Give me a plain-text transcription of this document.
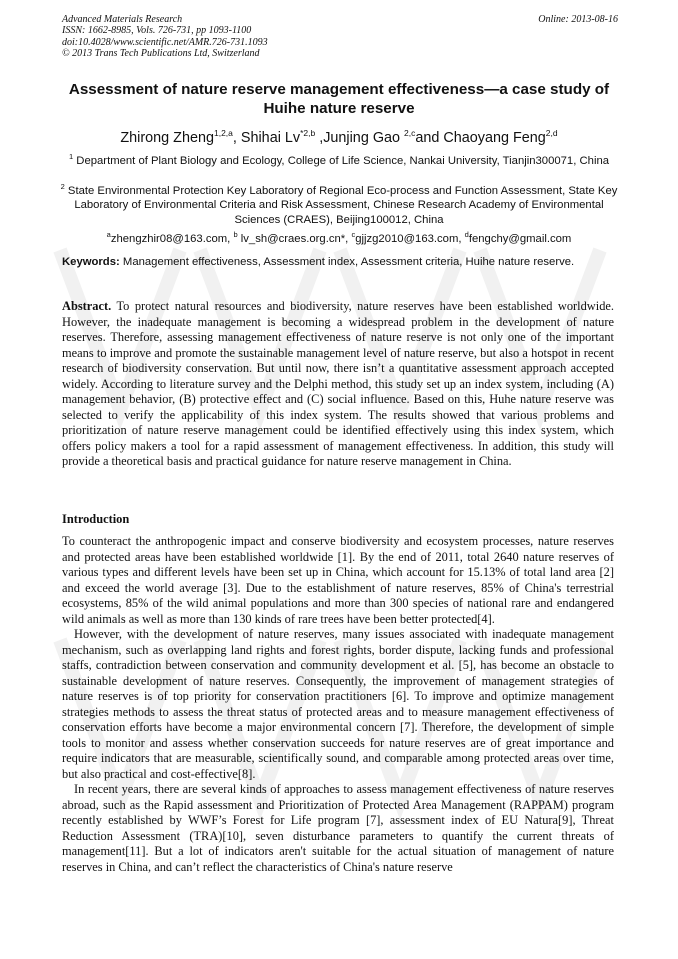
Advanced Materials Research
ISSN: 1662-8985, Vols. 726-731, pp 1093-1100
doi:10.4028/www.scientific.net/AMR.726-731.1093
© 2013 Trans Tech Publications Ltd, Switzerland
Online: 2013-08-16
Assessment of nature reserve management effectiveness—a case study of Huihe nature reserve
Zhirong Zheng$^{1,2,a}$, Shihai Lv$^{*2,b}$ ,Junjing Gao $^{2,c}$and Chaoyang Feng$^{2,d}$
$^1$ Department of Plant Biology and Ecology, College of Life Science, Nankai University, Tianjin300071, China
$^2$ State Environmental Protection Key Laboratory of Regional Eco-process and Function Assessment, State Key Laboratory of Environmental Criteria and Risk Assessment, Chinese Research Academy of Environmental Sciences (CRAES), Beijing100012, China
$^a$zhengzhir08@163.com, $^b$ lv_sh@craes.org.cn*, $^c$gjjzg2010@163.com, $^d$fengchy@gmail.com
Keywords: Management effectiveness, Assessment index, Assessment criteria, Huihe nature reserve.

Abstract. To protect natural resources and biodiversity, nature reserves have been established worldwide. However, the inadequate management is becoming a widespread problem in the development of nature reserves. Therefore, assessing management effectiveness of nature reserve is not only one of the important means to improve and promote the sustainable management level of nature reserve, but also a hotspot in recent research of biodiversity conservation. But until now, there isn’t a quantitative assessment approach accepted widely. According to literature survey and the Delphi method, this study set up an index system, including (A) management behavior, (B) protective effect and (C) social influence. Based on this, Huhe nature reserve was selected to verify the applicability of this index system. The results showed that various problems and prioritization of nature reserve management could be identified effectively using this index system, which offers policy makers a tool for a rapid assessment of management effectiveness. In addition, this study will provide a theoretical basis and practical guidance for nature reserve management in China.

Introduction

To counteract the anthropogenic impact and conserve biodiversity and ecosystem processes, nature reserves and protected areas have been established worldwide [1]. By the end of 2011, total 2640 nature reserves of various types and different levels have been set up in China, which account for 15.13% of total land area [2] and exceed the world average [3]. Due to the establishment of nature reserves, 85% of China's terrestrial ecosystems, 85% of the wild animal populations and more than 300 species of national rare and endangered wild animals as well as more than 130 kinds of rare trees have been better protected[4].

However, with the development of nature reserves, many issues associated with inadequate management mechanism, such as overlapping land rights and forest rights, border dispute, lacking funds and professional staffs, contradiction between conservation and community development et al. [5], has become an obstacle to sustainable development of nature reserves. Consequently, the improvement of management strategies of nature reserves is of top priority for conservation practitioners [6]. To improve and optimize management strategies methods to assess the threat status of protected areas and to measure management effectiveness of conservation efforts have become a major environmental concern [7]. Therefore, the development of simple tools to monitor and assess whether conservation succeeds for nature reserves are of great importance and require indicators that are measurable, scientifically sound, and comparable among protected areas over time, but also practical and cost-effective[8].

In recent years, there are several kinds of approaches to assess management effectiveness of nature reserves abroad, such as the Rapid assessment and Prioritization of Protected Area Management (RAPPAM) program recently established by WWF’s Forest for Life program [7], assessment index of EU Natura[9], Threat Reduction Assessment (TRA)[10], seven disturbance parameters to quantify the current threats of management[11]. But a lot of indicators aren't suitable for the actual situation of management of nature reserves in China, and can’t reflect the characteristics of China's nature reserve
